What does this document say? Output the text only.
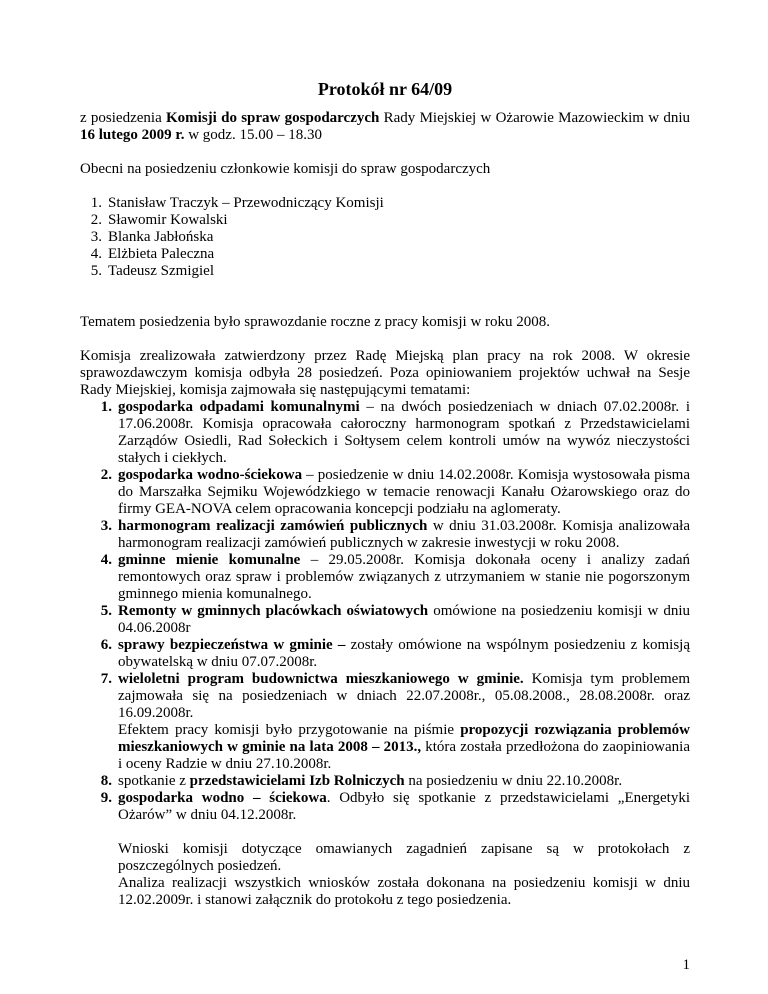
Protokół nr 64/09

z posiedzenia Komisji do spraw gospodarczych Rady Miejskiej w Ożarowie Mazowieckim w dniu 16 lutego 2009 r. w godz. 15.00 – 18.30

Obecni na posiedzeniu członkowie komisji do spraw gospodarczych

1. Stanisław Traczyk – Przewodniczący Komisji
2. Sławomir Kowalski
3. Blanka Jabłońska
4. Elżbieta Paleczna
5. Tadeusz Szmigiel

Tematem posiedzenia było sprawozdanie roczne z pracy komisji w roku 2008.

Komisja zrealizowała zatwierdzony przez Radę Miejską plan pracy na rok 2008. W okresie sprawozdawczym komisja odbyła 28 posiedzeń. Poza opiniowaniem projektów uchwał na Sesje Rady Miejskiej, komisja zajmowała się następującymi tematami:

1. gospodarka odpadami komunalnymi – na dwóch posiedzeniach w dniach 07.02.2008r. i 17.06.2008r. Komisja opracowała całoroczny harmonogram spotkań z Przedstawicielami Zarządów Osiedli, Rad Sołeckich i Sołtysem celem kontroli umów na wywóz nieczystości stałych i ciekłych.
2. gospodarka wodno-ściekowa – posiedzenie w dniu 14.02.2008r. Komisja wystosowała pisma do Marszałka Sejmiku Wojewódzkiego w temacie renowacji Kanału Ożarowskiego oraz do firmy GEA-NOVA celem opracowania koncepcji podziału na aglomeraty.
3. harmonogram realizacji zamówień publicznych w dniu 31.03.2008r. Komisja analizowała harmonogram realizacji zamówień publicznych w zakresie inwestycji w roku 2008.
4. gminne mienie komunalne – 29.05.2008r. Komisja dokonała oceny i analizy zadań remontowych oraz spraw i problemów związanych z utrzymaniem w stanie nie pogorszonym gminnego mienia komunalnego.
5. Remonty w gminnych placówkach oświatowych omówione na posiedzeniu komisji w dniu 04.06.2008r
6. sprawy bezpieczeństwa w gminie – zostały omówione na wspólnym posiedzeniu z komisją obywatelską w dniu 07.07.2008r.
7. wieloletni program budownictwa mieszkaniowego w gminie. Komisja tym problemem zajmowała się na posiedzeniach w dniach 22.07.2008r., 05.08.2008., 28.08.2008r. oraz 16.09.2008r.
Efektem pracy komisji było przygotowanie na piśmie propozycji rozwiązania problemów mieszkaniowych w gminie na lata 2008 – 2013., która została przedłożona do zaopiniowania i oceny Radzie w dniu 27.10.2008r.
8. spotkanie z przedstawicielami Izb Rolniczych na posiedzeniu w dniu 22.10.2008r.
9. gospodarka wodno – ściekowa. Odbyło się spotkanie z przedstawicielami „Energetyki Ożarów” w dniu 04.12.2008r.

Wnioski komisji dotyczące omawianych zagadnień zapisane są w protokołach z poszczególnych posiedzeń.

Analiza realizacji wszystkich wniosków została dokonana na posiedzeniu komisji w dniu 12.02.2009r. i stanowi załącznik do protokołu z tego posiedzenia.

1
